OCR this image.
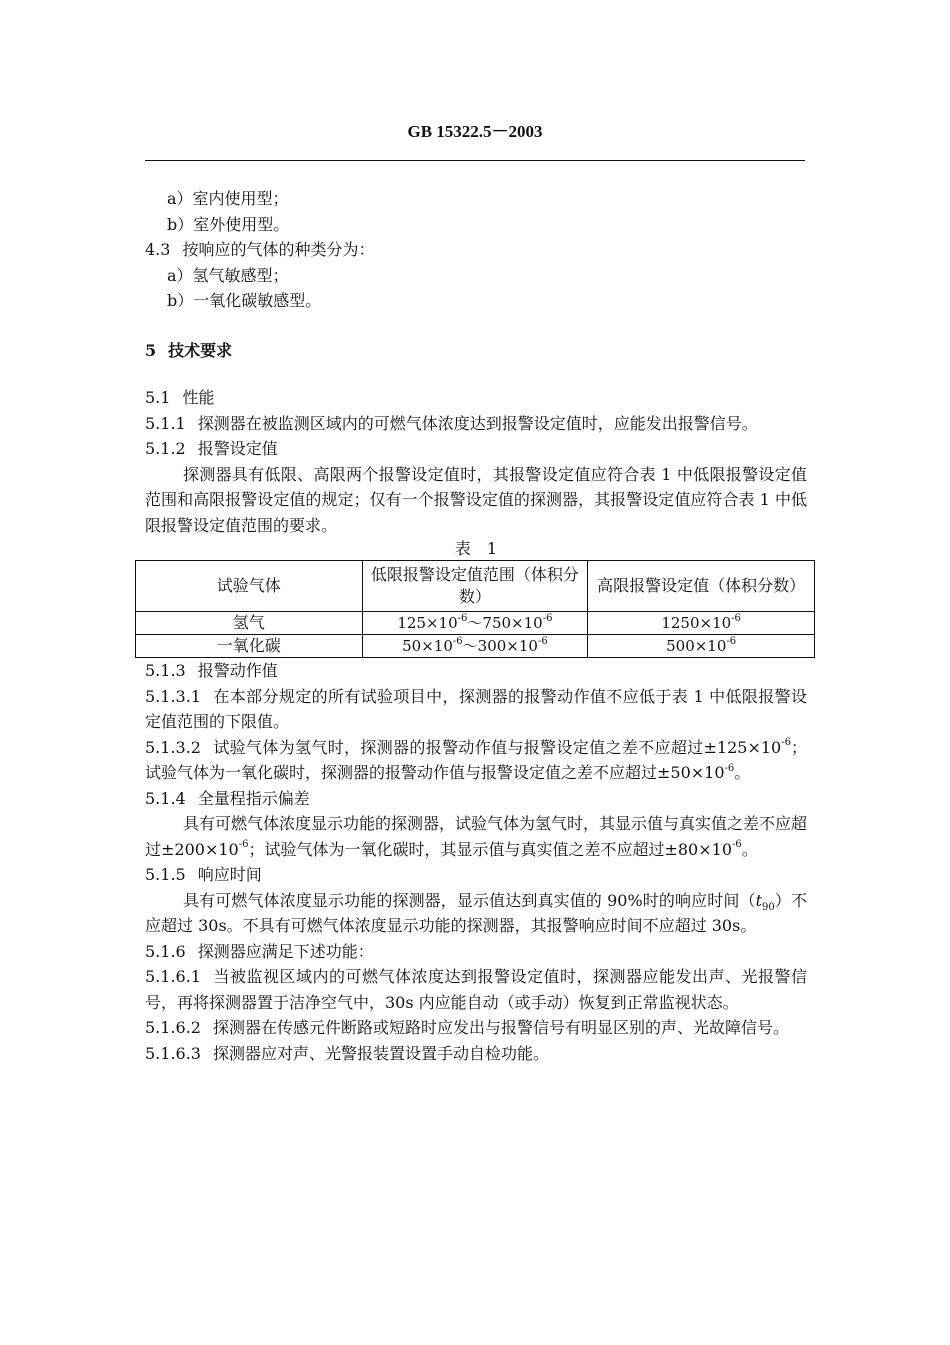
GB 15322.5－2003
a）室内使用型；
b）室外使用型。
4.3 按响应的气体的种类分为：
a）氢气敏感型；
b）一氧化碳敏感型。
5 技术要求
5.1 性能
5.1.1 探测器在被监测区域内的可燃气体浓度达到报警设定值时，应能发出报警信号。
5.1.2 报警设定值
探测器具有低限、高限两个报警设定值时，其报警设定值应符合表 1 中低限报警设定值范围和高限报警设定值的规定；仅有一个报警设定值的探测器，其报警设定值应符合表 1 中低限报警设定值范围的要求。
表　1
试验气体	低限报警设定值范围（体积分数）	高限报警设定值（体积分数）
氢气	$125\times 10^{-6}\sim 750\times 10^{-6}$	$1250\times 10^{-6}$
一氧化碳	$50\times 10^{-6}\sim 300\times 10^{-6}$	$500\times 10^{-6}$
5.1.3 报警动作值
5.1.3.1 在本部分规定的所有试验项目中，探测器的报警动作值不应低于表 1 中低限报警设定值范围的下限值。
5.1.3.2 试验气体为氢气时，探测器的报警动作值与报警设定值之差不应超过$\pm 125\times 10^{-6}$；试验气体为一氧化碳时，探测器的报警动作值与报警设定值之差不应超过$\pm 50\times 10^{-6}$。
5.1.4 全量程指示偏差
具有可燃气体浓度显示功能的探测器，试验气体为氢气时，其显示值与真实值之差不应超过$\pm 200\times 10^{-6}$；试验气体为一氧化碳时，其显示值与真实值之差不应超过$\pm 80\times 10^{-6}$。
5.1.5 响应时间
具有可燃气体浓度显示功能的探测器，显示值达到真实值的 90%时的响应时间$(t_{90})$不应超过 30s。不具有可燃气体浓度显示功能的探测器，其报警响应时间不应超过 30s。
5.1.6 探测器应满足下述功能：
5.1.6.1 当被监视区域内的可燃气体浓度达到报警设定值时，探测器应能发出声、光报警信号，再将探测器置于洁净空气中，30s 内应能自动（或手动）恢复到正常监视状态。
5.1.6.2 探测器在传感元件断路或短路时应发出与报警信号有明显区别的声、光故障信号。
5.1.6.3 探测器应对声、光警报装置设置手动自检功能。
